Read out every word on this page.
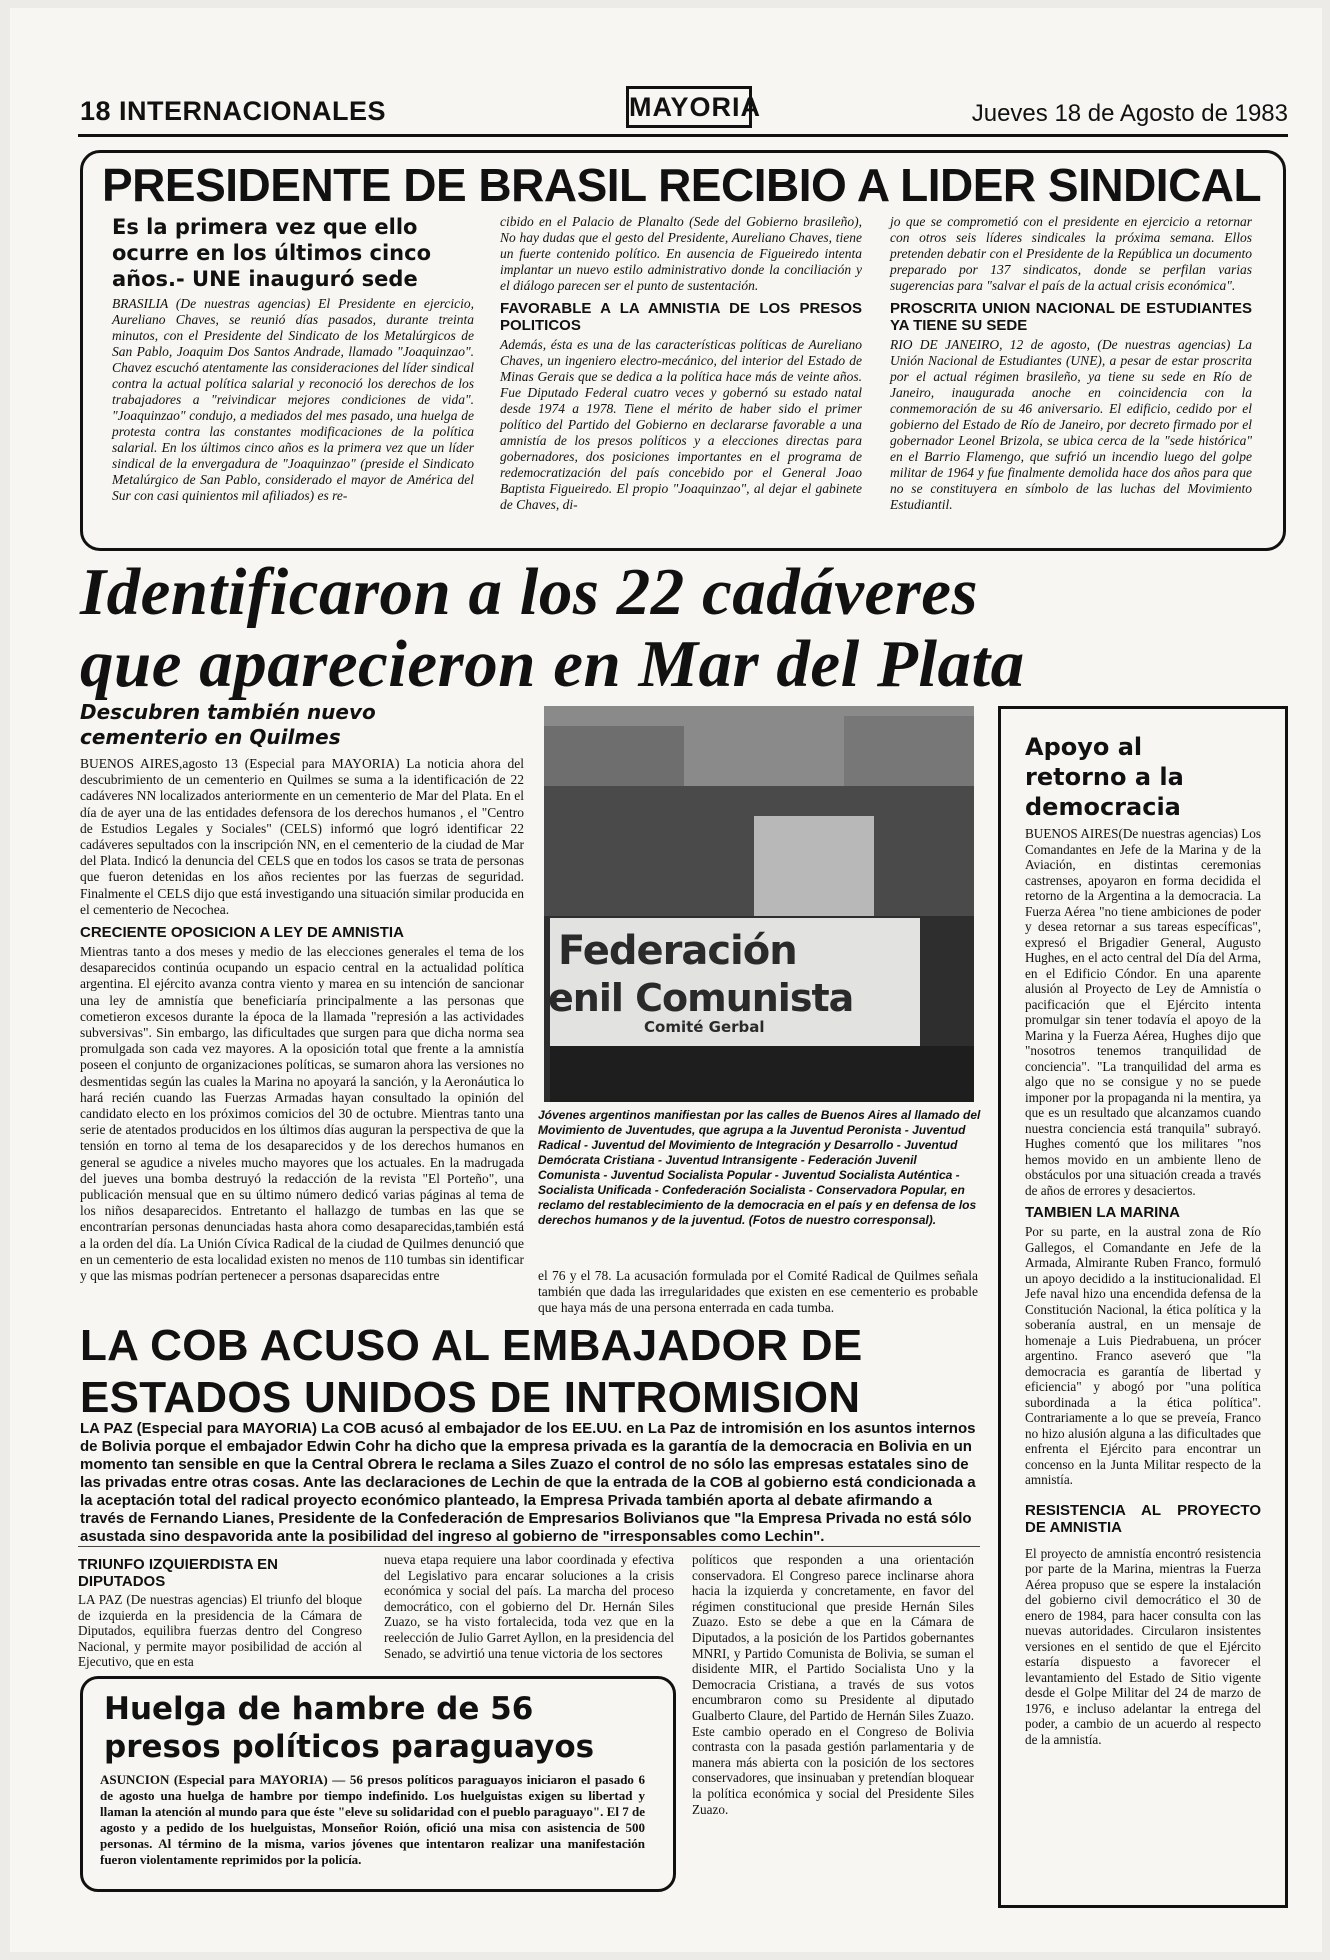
18 INTERNACIONALES	MAYORIA	Jueves 18 de Agosto de 1983
PRESIDENTE DE BRASIL RECIBIO A LIDER SINDICAL
Es la primera vez que ello ocurre en los últimos cinco años.- UNE inauguró sede

BRASILIA (De nuestras agencias) El Presidente en ejercicio, Aureliano Chaves, se reunió días pasados, durante treinta minutos, con el Presidente del Sindicato de los Metalúrgicos de San Pablo, Joaquim Dos Santos Andrade, llamado "Joaquinzao". Chavez escuchó atentamente las consideraciones del líder sindical contra la actual política salarial y reconoció los derechos de los trabajadores a "reivindicar mejores condiciones de vida". "Joaquinzao" condujo, a mediados del mes pasado, una huelga de protesta contra las constantes modificaciones de la política salarial. En los últimos cinco años es la primera vez que un líder sindical de la envergadura de "Joaquinzao" (preside el Sindicato Metalúrgico de San Pablo, considerado el mayor de América del Sur con casi quinientos mil afiliados) es re-

cibido en el Palacio de Planalto (Sede del Gobierno brasileño), No hay dudas que el gesto del Presidente, Aureliano Chaves, tiene un fuerte contenido político. En ausencia de Figueiredo intenta implantar un nuevo estilo administrativo donde la conciliación y el diálogo parecen ser el punto de sustentación.

FAVORABLE A LA AMNISTIA DE LOS PRESOS POLITICOS

Además, ésta es una de las características políticas de Aureliano Chaves, un ingeniero electro-mecánico, del interior del Estado de Minas Gerais que se dedica a la política hace más de veinte años. Fue Diputado Federal cuatro veces y gobernó su estado natal desde 1974 a 1978. Tiene el mérito de haber sido el primer político del Partido del Gobierno en declararse favorable a una amnistía de los presos políticos y a elecciones directas para gobernadores, dos posiciones importantes en el programa de redemocratización del país concebido por el General Joao Baptista Figueiredo. El propio "Joaquinzao", al dejar el gabinete de Chaves, di-

jo que se comprometió con el presidente en ejercicio a retornar con otros seis líderes sindicales la próxima semana. Ellos pretenden debatir con el Presidente de la República un documento preparado por 137 sindicatos, donde se perfilan varias sugerencias para "salvar el país de la actual crisis económica".

PROSCRITA UNION NACIONAL DE ESTUDIANTES YA TIENE SU SEDE

RIO DE JANEIRO, 12 de agosto, (De nuestras agencias) La Unión Nacional de Estudiantes (UNE), a pesar de estar proscrita por el actual régimen brasileño, ya tiene su sede en Río de Janeiro, inaugurada anoche en coincidencia con la conmemoración de su 46 aniversario. El edificio, cedido por el gobierno del Estado de Río de Janeiro, por decreto firmado por el gobernador Leonel Brizola, se ubica cerca de la "sede histórica" en el Barrio Flamengo, que sufrió un incendio luego del golpe militar de 1964 y fue finalmente demolida hace dos años para que no se constituyera en símbolo de las luchas del Movimiento Estudiantil.

Identificaron a los 22 cadáveres
que aparecieron en Mar del Plata
Descubren también nuevo cementerio en Quilmes

BUENOS AIRES,agosto 13 (Especial para MAYORIA) La noticia ahora del descubrimiento de un cementerio en Quilmes se suma a la identificación de 22 cadáveres NN localizados anteriormente en un cementerio de Mar del Plata. En el día de ayer una de las entidades defensora de los derechos humanos , el "Centro de Estudios Legales y Sociales" (CELS) informó que logró identificar 22 cadáveres sepultados con la inscripción NN, en el cementerio de la ciudad de Mar del Plata. Indicó la denuncia del CELS que en todos los casos se trata de personas que fueron detenidas en los años recientes por las fuerzas de seguridad. Finalmente el CELS dijo que está investigando una situación similar producida en el cementerio de Necochea.

CRECIENTE OPOSICION A LEY DE AMNISTIA

Mientras tanto a dos meses y medio de las elecciones generales el tema de los desaparecidos continúa ocupando un espacio central en la actualidad política argentina. El ejército avanza contra viento y marea en su intención de sancionar una ley de amnistía que beneficiaría principalmente a las personas que cometieron excesos durante la época de la llamada "represión a las actividades subversivas". Sin embargo, las dificultades que surgen para que dicha norma sea promulgada son cada vez mayores. A la oposición total que frente a la amnistía poseen el conjunto de organizaciones políticas, se sumaron ahora las versiones no desmentidas según las cuales la Marina no apoyará la sanción, y la Aeronáutica lo hará recién cuando las Fuerzas Armadas hayan consultado la opinión del candidato electo en los próximos comicios del 30 de octubre. Mientras tanto una serie de atentados producidos en los últimos días auguran la perspectiva de que la tensión en torno al tema de los desaparecidos y de los derechos humanos en general se agudice a niveles mucho mayores que los actuales. En la madrugada del jueves una bomba destruyó la redacción de la revista "El Porteño", una publicación mensual que en su último número dedicó varias páginas al tema de los niños desaparecidos. Entretanto el hallazgo de tumbas en las que se encontrarían personas denunciadas hasta ahora como desaparecidas,también está a la orden del día. La Unión Cívica Radical de la ciudad de Quilmes denunció que en un cementerio de esta localidad existen no menos de 110 tumbas sin identificar y que las mismas podrían pertenecer a personas dsaparecidas entre	el 76 y el 78. La acusación formulada por el Comité Radical de Quilmes señala también que dada las irregularidades que existen en ese cementerio es probable que haya más de una persona enterrada en cada tumba.
Federación
enil Comunista
Comité Gerbal
Jóvenes argentinos manifiestan por las calles de Buenos Aires al llamado del Movimiento de Juventudes, que agrupa a la Juventud Peronista - Juventud Radical - Juventud del Movimiento de Integración y Desarrollo - Juventud Demócrata Cristiana - Juventud Intransigente - Federación Juvenil Comunista - Juventud Socialista Popular - Juventud Socialista Auténtica - Socialista Unificada - Confederación Socialista - Conservadora Popular, en reclamo del restablecimiento de la democracia en el país y en defensa de los derechos humanos y de la juventud. (Fotos de nuestro corresponsal).
Apoyo al retorno a la democracia

BUENOS AIRES(De nuestras agencias) Los Comandantes en Jefe de la Marina y de la Aviación, en distintas ceremonias castrenses, apoyaron en forma decidida el retorno de la Argentina a la democracia. La Fuerza Aérea "no tiene ambiciones de poder y desea retornar a sus tareas específicas", expresó el Brigadier General, Augusto Hughes, en el acto central del Día del Arma, en el Edificio Cóndor. En una aparente alusión al Proyecto de Ley de Amnistía o pacificación que el Ejército intenta promulgar sin tener todavía el apoyo de la Marina y la Fuerza Aérea, Hughes dijo que "nosotros tenemos tranquilidad de conciencia". "La tranquilidad del arma es algo que no se consigue y no se puede imponer por la propaganda ni la mentira, ya que es un resultado que alcanzamos cuando nuestra conciencia está tranquila" subrayó. Hughes comentó que los militares "nos hemos movido en un ambiente lleno de obstáculos por una situación creada a través de años de errores y desaciertos.

TAMBIEN LA MARINA

Por su parte, en la austral zona de Río Gallegos, el Comandante en Jefe de la Armada, Almirante Ruben Franco, formuló un apoyo decidido a la institucionalidad. El Jefe naval hizo una encendida defensa de la Constitución Nacional, la ética política y la soberanía austral, en un mensaje de homenaje a Luis Piedrabuena, un prócer argentino. Franco aseveró que "la democracia es garantía de libertad y eficiencia" y abogó por "una política subordinada a la ética política". Contrariamente a lo que se preveía, Franco no hizo alusión alguna a las dificultades que enfrenta el Ejército para encontrar un concenso en la Junta Militar respecto de la amnistía.

RESISTENCIA AL PROYECTO DE AMNISTIA

El proyecto de amnistía encontró resistencia por parte de la Marina, mientras la Fuerza Aérea propuso que se espere la instalación del gobierno civil democrático el 30 de enero de 1984, para hacer consulta con las nuevas autoridades. Circularon insistentes versiones en el sentido de que el Ejército estaría dispuesto a favorecer el levantamiento del Estado de Sitio vigente desde el Golpe Militar del 24 de marzo de 1976, e incluso adelantar la entrega del poder, a cambio de un acuerdo al respecto de la amnistía.

LA COB ACUSO AL EMBAJADOR DE
ESTADOS UNIDOS DE INTROMISION
LA PAZ (Especial para MAYORIA) La COB acusó al embajador de los EE.UU. en La Paz de intromisión en los asuntos internos de Bolivia porque el embajador Edwin Cohr ha dicho que la empresa privada es la garantía de la democracia en Bolivia en un momento tan sensible en que la Central Obrera le reclama a Siles Zuazo el control de no sólo las empresas estatales sino de las privadas entre otras cosas. Ante las declaraciones de Lechin de que la entrada de la COB al gobierno está condicionada a la aceptación total del radical proyecto económico planteado, la Empresa Privada también aporta al debate afirmando a través de Fernando Lianes, Presidente de la Confederación de Empresarios Bolivianos que "la Empresa Privada no está sólo asustada sino despavorida ante la posibilidad del ingreso al gobierno de "irresponsables como Lechin".
TRIUNFO IZQUIERDISTA EN DIPUTADOS
LA PAZ (De nuestras agencias) El triunfo del bloque de izquierda en la presidencia de la Cámara de Diputados, equilibra fuerzas dentro del Congreso Nacional, y permite mayor posibilidad de acción al Ejecutivo, que en esta
nueva etapa requiere una labor coordinada y efectiva del Legislativo para encarar soluciones a la crisis económica y social del país. La marcha del proceso democrático, con el gobierno del Dr. Hernán Siles Zuazo, se ha visto fortalecida, toda vez que en la reelección de Julio Garret Ayllon, en la presidencia del Senado, se advirtió una tenue victoria de los sectores
políticos que responden a una orientación conservadora. El Congreso parece inclinarse ahora hacia la izquierda y concretamente, en favor del régimen constitucional que preside Hernán Siles Zuazo. Esto se debe a que en la Cámara de Diputados, a la posición de los Partidos gobernantes MNRI, y Partido Comunista de Bolivia, se suman el disidente MIR, el Partido Socialista Uno y la Democracia Cristiana, a través de sus votos encumbraron como su Presidente al diputado Gualberto Claure, del Partido de Hernán Siles Zuazo. Este cambio operado en el Congreso de Bolivia contrasta con la pasada gestión parlamentaria y de manera más abierta con la posición de los sectores conservadores, que insinuaban y pretendían bloquear la política económica y social del Presidente Siles Zuazo.
Huelga de hambre de 56
presos políticos paraguayos
ASUNCION (Especial para MAYORIA) — 56 presos políticos paraguayos iniciaron el pasado 6 de agosto una huelga de hambre por tiempo indefinido. Los huelguistas exigen su libertad y llaman la atención al mundo para que éste "eleve su solidaridad con el pueblo paraguayo". El 7 de agosto y a pedido de los huelguistas, Monseñor Roión, ofició una misa con asistencia de 500 personas. Al término de la misma, varios jóvenes que intentaron realizar una manifestación fueron violentamente reprimidos por la policía.
